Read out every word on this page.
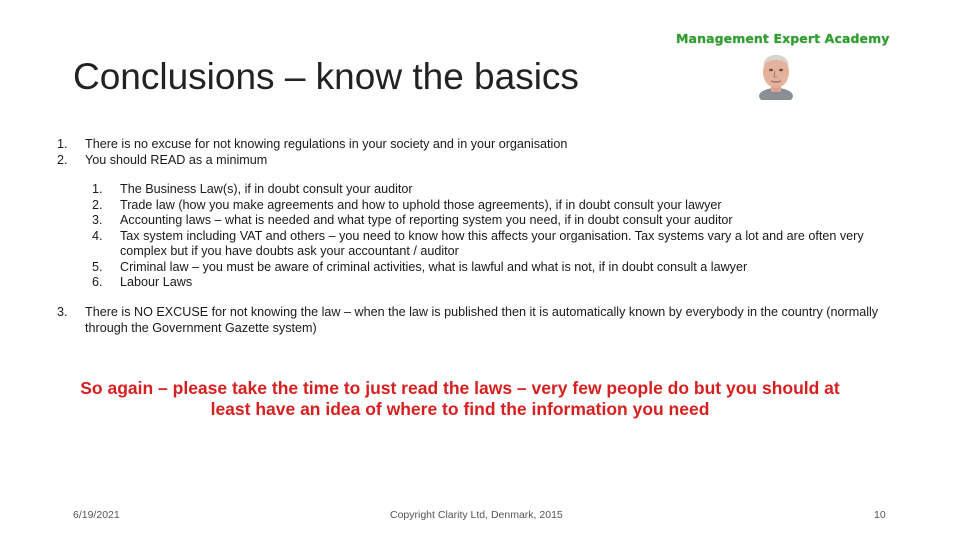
Management Expert Academy
Conclusions – know the basics
1. There is no excuse for not knowing regulations in your society and in your organisation
2. You should READ as a minimum
1. The Business Law(s), if in doubt consult your auditor
2. Trade law (how you make agreements and how to uphold those agreements), if in doubt consult your lawyer
3. Accounting laws – what is needed and what type of reporting system you need, if in doubt consult your auditor
4. Tax system including VAT and others – you need to know how this affects your organisation. Tax systems vary a lot and are often very complex but if you have doubts ask your accountant / auditor
5. Criminal law – you must be aware of criminal activities, what is lawful and what is not, if in doubt consult a lawyer
6. Labour Laws
3. There is NO EXCUSE for not knowing the law – when the law is published then it is automatically known by everybody in the country (normally through the Government Gazette system)
So again – please take the time to just read the laws – very few people do but you should at least have an idea of where to find the information you need
6/19/2021	Copyright Clarity Ltd, Denmark, 2015	10
